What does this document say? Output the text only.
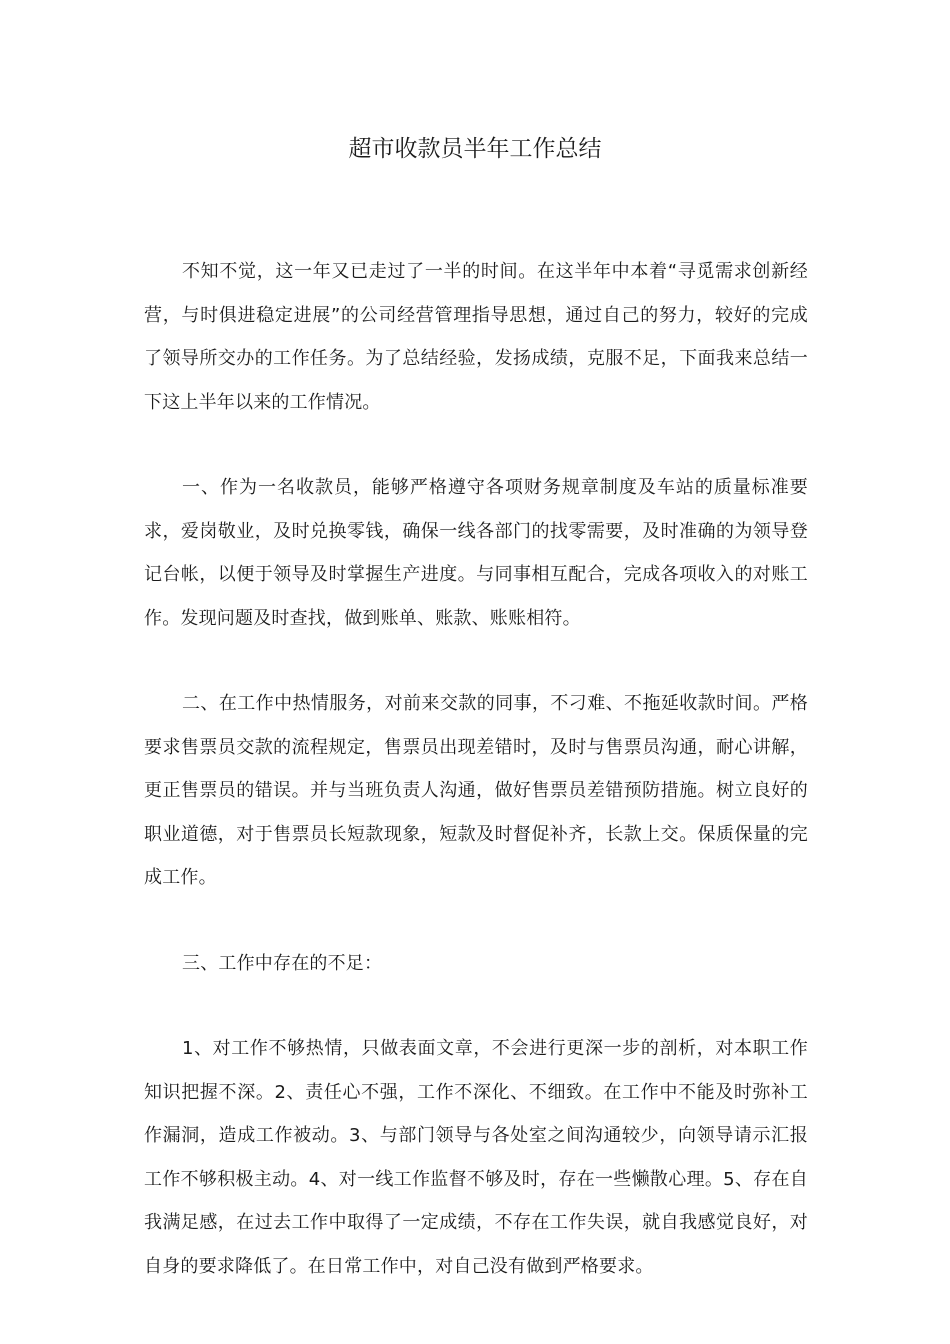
超市收款员半年工作总结

不知不觉，这一年又已走过了一半的时间。在这半年中本着“寻觅需求创新经营，与时俱进稳定进展”的公司经营管理指导思想，通过自己的努力，较好的完成了领导所交办的工作任务。为了总结经验，发扬成绩，克服不足，下面我来总结一下这上半年以来的工作情况。

一、作为一名收款员，能够严格遵守各项财务规章制度及车站的质量标准要求，爱岗敬业，及时兑换零钱，确保一线各部门的找零需要，及时准确的为领导登记台帐，以便于领导及时掌握生产进度。与同事相互配合，完成各项收入的对账工作。发现问题及时查找，做到账单、账款、账账相符。

二、在工作中热情服务，对前来交款的同事，不刁难、不拖延收款时间。严格要求售票员交款的流程规定，售票员出现差错时，及时与售票员沟通，耐心讲解，更正售票员的错误。并与当班负责人沟通，做好售票员差错预防措施。树立良好的职业道德，对于售票员长短款现象，短款及时督促补齐，长款上交。保质保量的完成工作。

三、工作中存在的不足：

1、对工作不够热情，只做表面文章，不会进行更深一步的剖析，对本职工作知识把握不深。2、责任心不强，工作不深化、不细致。在工作中不能及时弥补工作漏洞，造成工作被动。3、与部门领导与各处室之间沟通较少，向领导请示汇报工作不够积极主动。4、对一线工作监督不够及时，存在一些懒散心理。5、存在自我满足感，在过去工作中取得了一定成绩，不存在工作失误，就自我感觉良好，对自身的要求降低了。在日常工作中，对自己没有做到严格要求。
